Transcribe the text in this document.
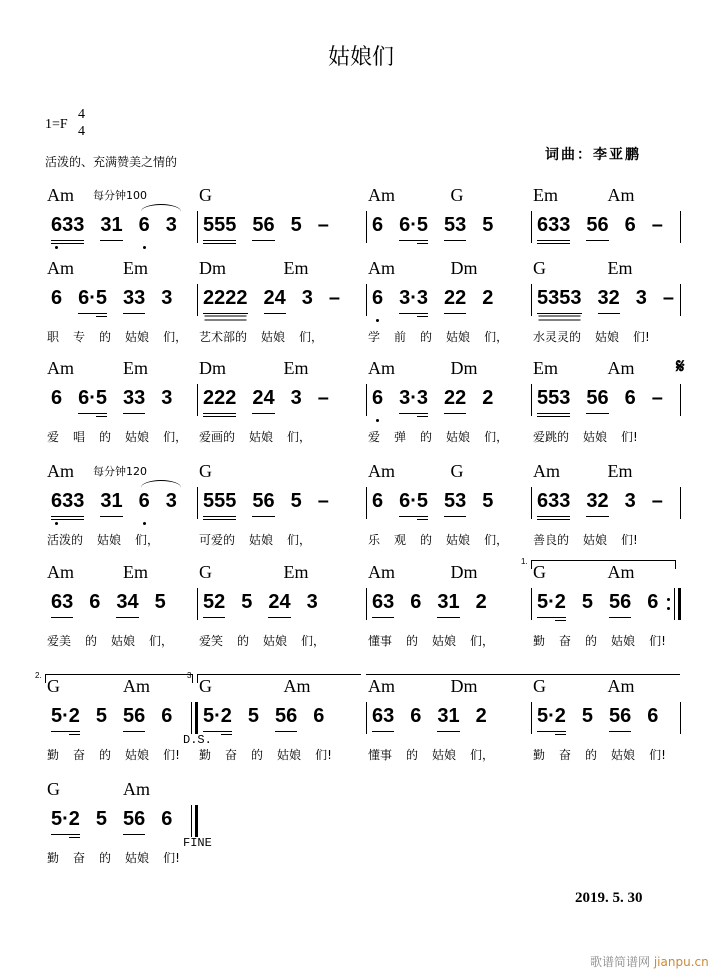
姑娘们
1=F
4
4
活泼的、充满赞美之情的	词曲：李亚鹏
Am 每分钟100
633 31 6 3
G
555 56 5 –
Am	G
6 6·5 53 5
Em	Am
633 56 6 –
Am	Em
6 6·5 33 3
职 专 的 姑娘 们，
Dm	Em
2222 24 3 –
艺术部的 姑娘 们，
Am	Dm
6 3·3 22 2
学 前 的 姑娘 们，
G	Em
5353 32 3 –
水灵灵的 姑娘 们!
Am	Em
6 6·5 33 3
爱 唱 的 姑娘 们，
Dm	Em
222 24 3 –
爱画的 姑娘 们，
Am	Dm
6 3·3 22 2
爱 弹 的 姑娘 们，
Em	Am
553 56 6 –
爱跳的 姑娘 们!
𝄋
Am 每分钟120
633 31 6 3
活泼的 姑娘 们，
G
555 56 5 –
可爱的 姑娘 们，
Am	G
6 6·5 53 5
乐 观 的 姑娘 们，
Am	Em
633 32 3 –
善良的 姑娘 们!
Am	Em
63 6 34 5
爱美 的 姑娘 们，
G	Em
52 5 24 3
爱笑 的 姑娘 们，
Am	Dm
63 6 31 2
懂事 的 姑娘 们，
G	Am
5·2 5 56 6
勤 奋 的 姑娘 们!
1.
G	Am
5·2 5 56 6
勤 奋 的 姑娘 们!
2.
D.S.
G	Am
5·2 5 56 6
勤 奋 的 姑娘 们!
3.
Am	Dm
63 6 31 2
懂事 的 姑娘 们，
G	Am
5·2 5 56 6
勤 奋 的 姑娘 们!
G	Am
5·2 5 56 6
勤 奋 的 姑娘 们!
FINE
2019. 5. 30
歌谱简谱网 jianpu.cn
